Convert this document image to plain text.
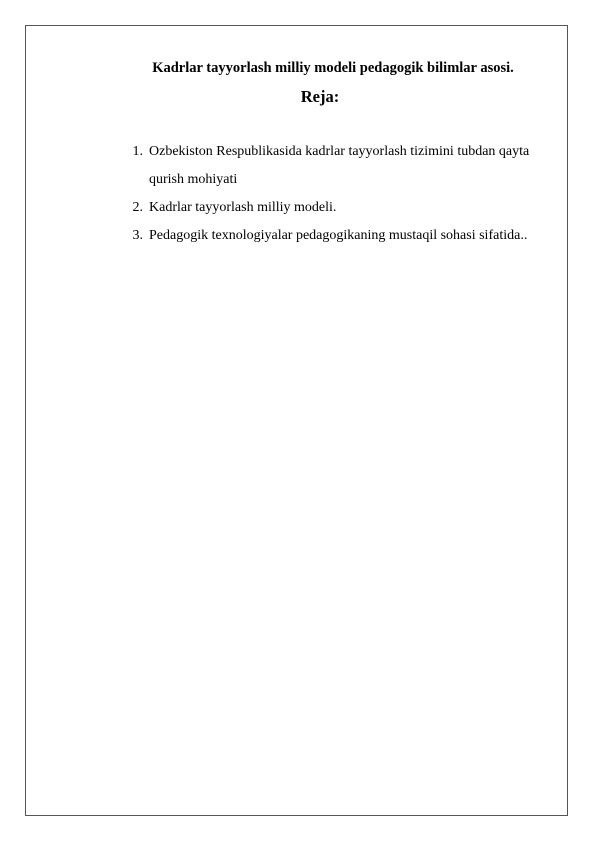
Kadrlar tayyorlash milliy modeli pedagogik bilimlar asosi.
Reja:
1. Ozbekiston Respublikasida kadrlar tayyorlash tizimini tubdan qayta qurish mohiyati
2. Kadrlar tayyorlash milliy modeli.
3. Pedagogik texnologiyalar pedagogikaning mustaqil sohasi sifatida..
